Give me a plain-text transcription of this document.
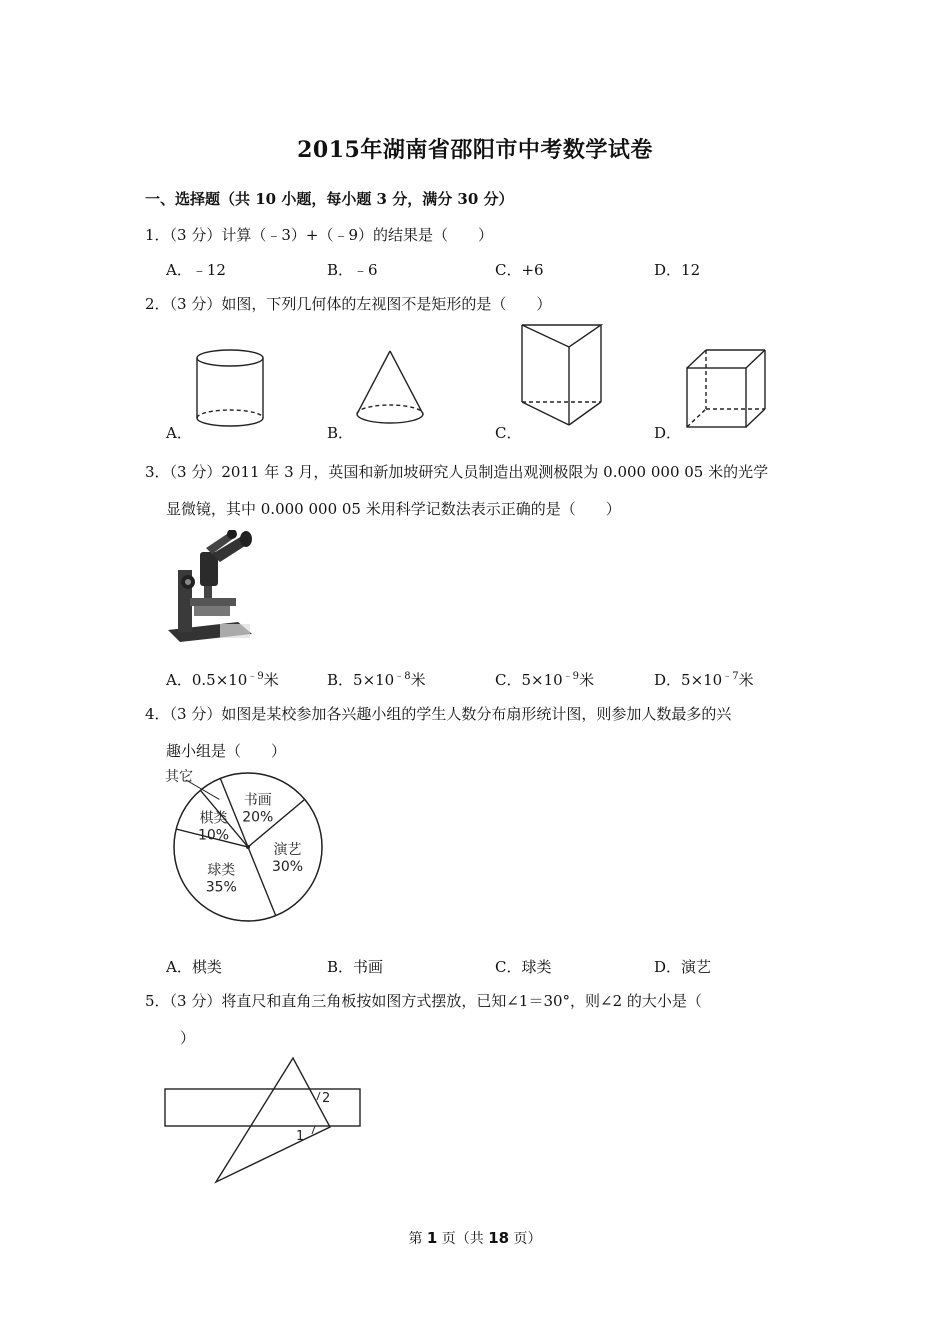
2015年湖南省邵阳市中考数学试卷
一、选择题（共 10 小题，每小题 3 分，满分 30 分）
1．（3 分）计算（﹣3）+（﹣9）的结果是（　　）
A．﹣12	B．﹣6	C．+6	D．12
2．（3 分）如图，下列几何体的左视图不是矩形的是（　　）
A．	B．	C．	D．
3．（3 分）2011 年 3 月，英国和新加坡研究人员制造出观测极限为 0.000 000 05 米的光学
显微镜，其中 0.000 000 05 米用科学记数法表示正确的是（　　）
A．$0.5\times 10^{﹣9}$米	B．$5\times 10^{﹣8}$米	C．$5\times 10^{﹣9}$米	D．$5\times 10^{﹣7}$米
4．（3 分）如图是某校参加各兴趣小组的学生人数分布扇形统计图，则参加人数最多的兴
趣小组是（　　）
书画
20%
演艺
30%
球类
35%
棋类
10%
其它
A．棋类	B．书画	C．球类	D．演艺
5．（3 分）将直尺和直角三角板按如图方式摆放，已知∠1＝30°，则∠2 的大小是（
）
1
2
第 1 页（共 18 页）
